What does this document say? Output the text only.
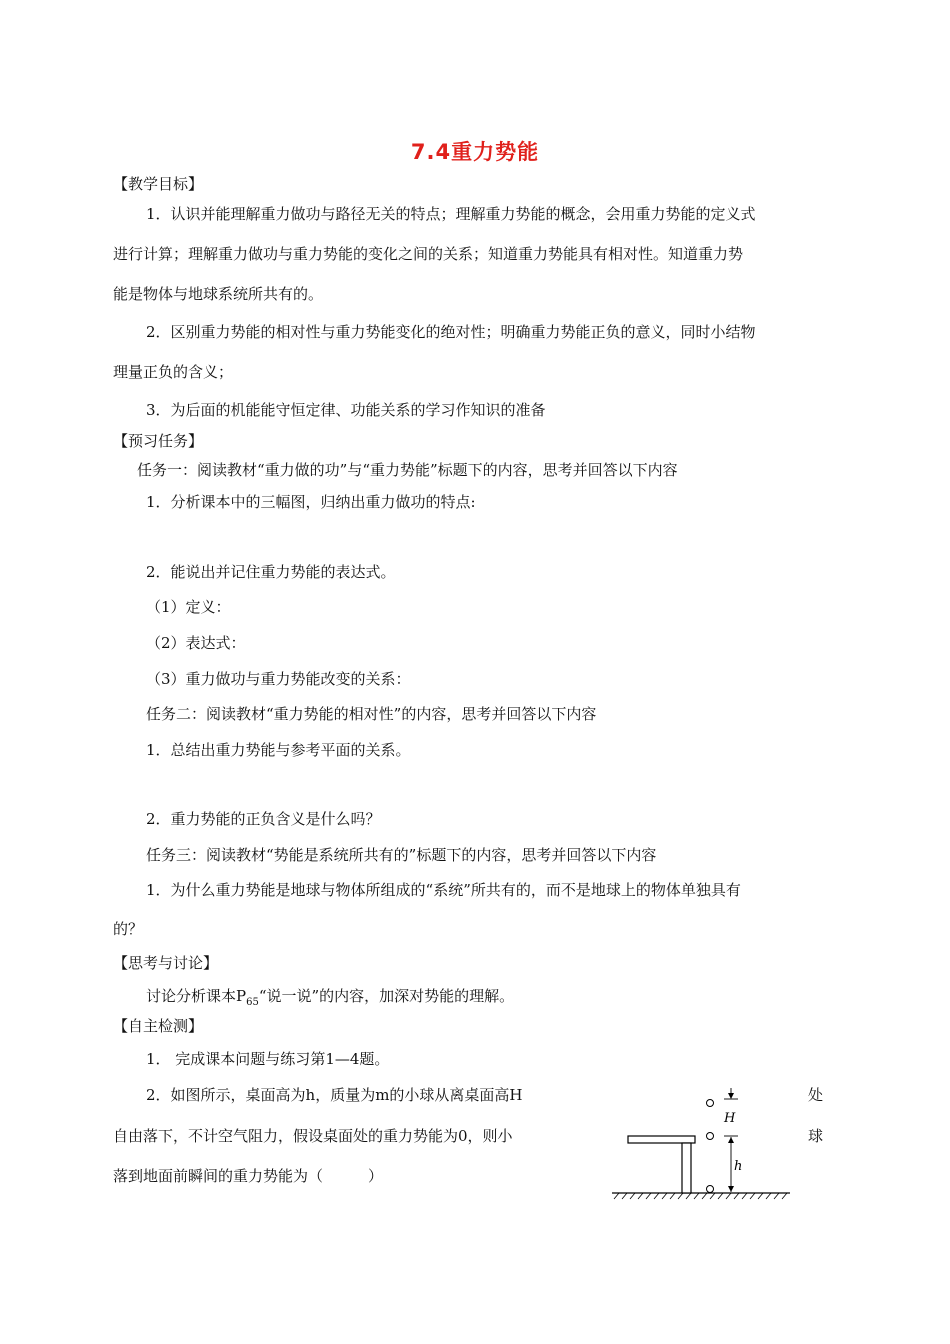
7.4重力势能
【教学目标】
1．认识并能理解重力做功与路径无关的特点；理解重力势能的概念，会用重力势能的定义式
进行计算；理解重力做功与重力势能的变化之间的关系；知道重力势能具有相对性。知道重力势
能是物体与地球系统所共有的。
2．区别重力势能的相对性与重力势能变化的绝对性；明确重力势能正负的意义，同时小结物
理量正负的含义；
3．为后面的机能能守恒定律、功能关系的学习作知识的准备
【预习任务】
任务一：阅读教材“重力做的功”与“重力势能”标题下的内容，思考并回答以下内容
1．分析课本中的三幅图，归纳出重力做功的特点:
2．能说出并记住重力势能的表达式。
（1）定义：
（2）表达式：
（3）重力做功与重力势能改变的关系：
任务二：阅读教材“重力势能的相对性”的内容，思考并回答以下内容
1．总结出重力势能与参考平面的关系。
2．重力势能的正负含义是什么吗？
任务三：阅读教材“势能是系统所共有的”标题下的内容，思考并回答以下内容
1．为什么重力势能是地球与物体所组成的“系统”所共有的，而不是地球上的物体单独具有
的？
【思考与讨论】
讨论分析课本$P_{65}“$说一说”的内容，加深对势能的理解。
【自主检测】
1． 完成课本问题与练习第1—4题。
2．如图所示，桌面高为h，质量为m的小球从离桌面高H	处
自由落下，不计空气阻力，假设桌面处的重力势能为0，则小	球
落到地面前瞬间的重力势能为（　　　）
H
h
